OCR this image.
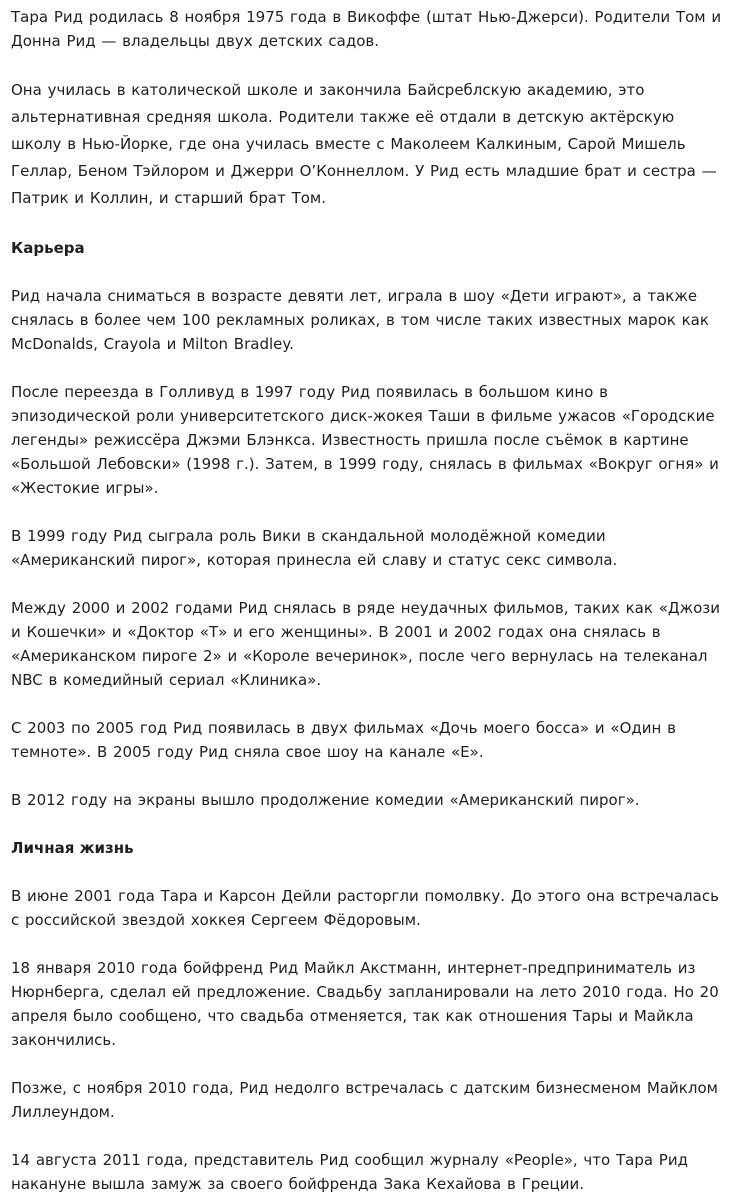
Тара Рид родилась 8 ноября 1975 года в Викоффе (штат Нью-Джерси). Родители Том и Донна Рид — владельцы двух детских садов.

Она училась в католической школе и закончила Байсреблскую академию, это альтернативная средняя школа. Родители также её отдали в детскую актёрскую школу в Нью-Йорке, где она училась вместе с Маколеем Калкиным, Сарой Мишель Геллар, Беном Тэйлором и Джерри О’Коннеллом. У Рид есть младшие брат и сестра — Патрик и Коллин, и старший брат Том.

Карьера

Рид начала сниматься в возрасте девяти лет, играла в шоу «Дети играют», а также снялась в более чем 100 рекламных роликах, в том числе таких известных марок как McDonalds, Crayola и Milton Bradley.

После переезда в Голливуд в 1997 году Рид появилась в большом кино в эпизодической роли университетского диск-жокея Таши в фильме ужасов «Городские легенды» режиссёра Джэми Блэнкса. Известность пришла после съёмок в картине «Большой Лебовски» (1998 г.). Затем, в 1999 году, снялась в фильмах «Вокруг огня» и «Жестокие игры».

В 1999 году Рид сыграла роль Вики в скандальной молодёжной комедии «Американский пирог», которая принесла ей славу и статус секс символа.

Между 2000 и 2002 годами Рид снялась в ряде неудачных фильмов, таких как «Джози и Кошечки» и «Доктор «Т» и его женщины». В 2001 и 2002 годах она снялась в «Американском пироге 2» и «Короле вечеринок», после чего вернулась на телеканал NBC в комедийный сериал «Клиника».

С 2003 по 2005 год Рид появилась в двух фильмах «Дочь моего босса» и «Один в темноте». В 2005 году Рид сняла свое шоу на канале «Е».

В 2012 году на экраны вышло продолжение комедии «Американский пирог».

Личная жизнь

В июне 2001 года Тара и Карсон Дейли расторгли помолвку. До этого она встречалась с российской звездой хоккея Сергеем Фёдоровым.

18 января 2010 года бойфренд Рид Майкл Акстманн, интернет-предприниматель из Нюрнберга, сделал ей предложение. Свадьбу запланировали на лето 2010 года. Но 20 апреля было сообщено, что свадьба отменяется, так как отношения Тары и Майкла закончились.

Позже, с ноября 2010 года, Рид недолго встречалась с датским бизнесменом Майклом Лиллеундом.

14 августа 2011 года, представитель Рид сообщил журналу «People», что Тара Рид накануне вышла замуж за своего бойфренда Зака Кехайова в Греции.
